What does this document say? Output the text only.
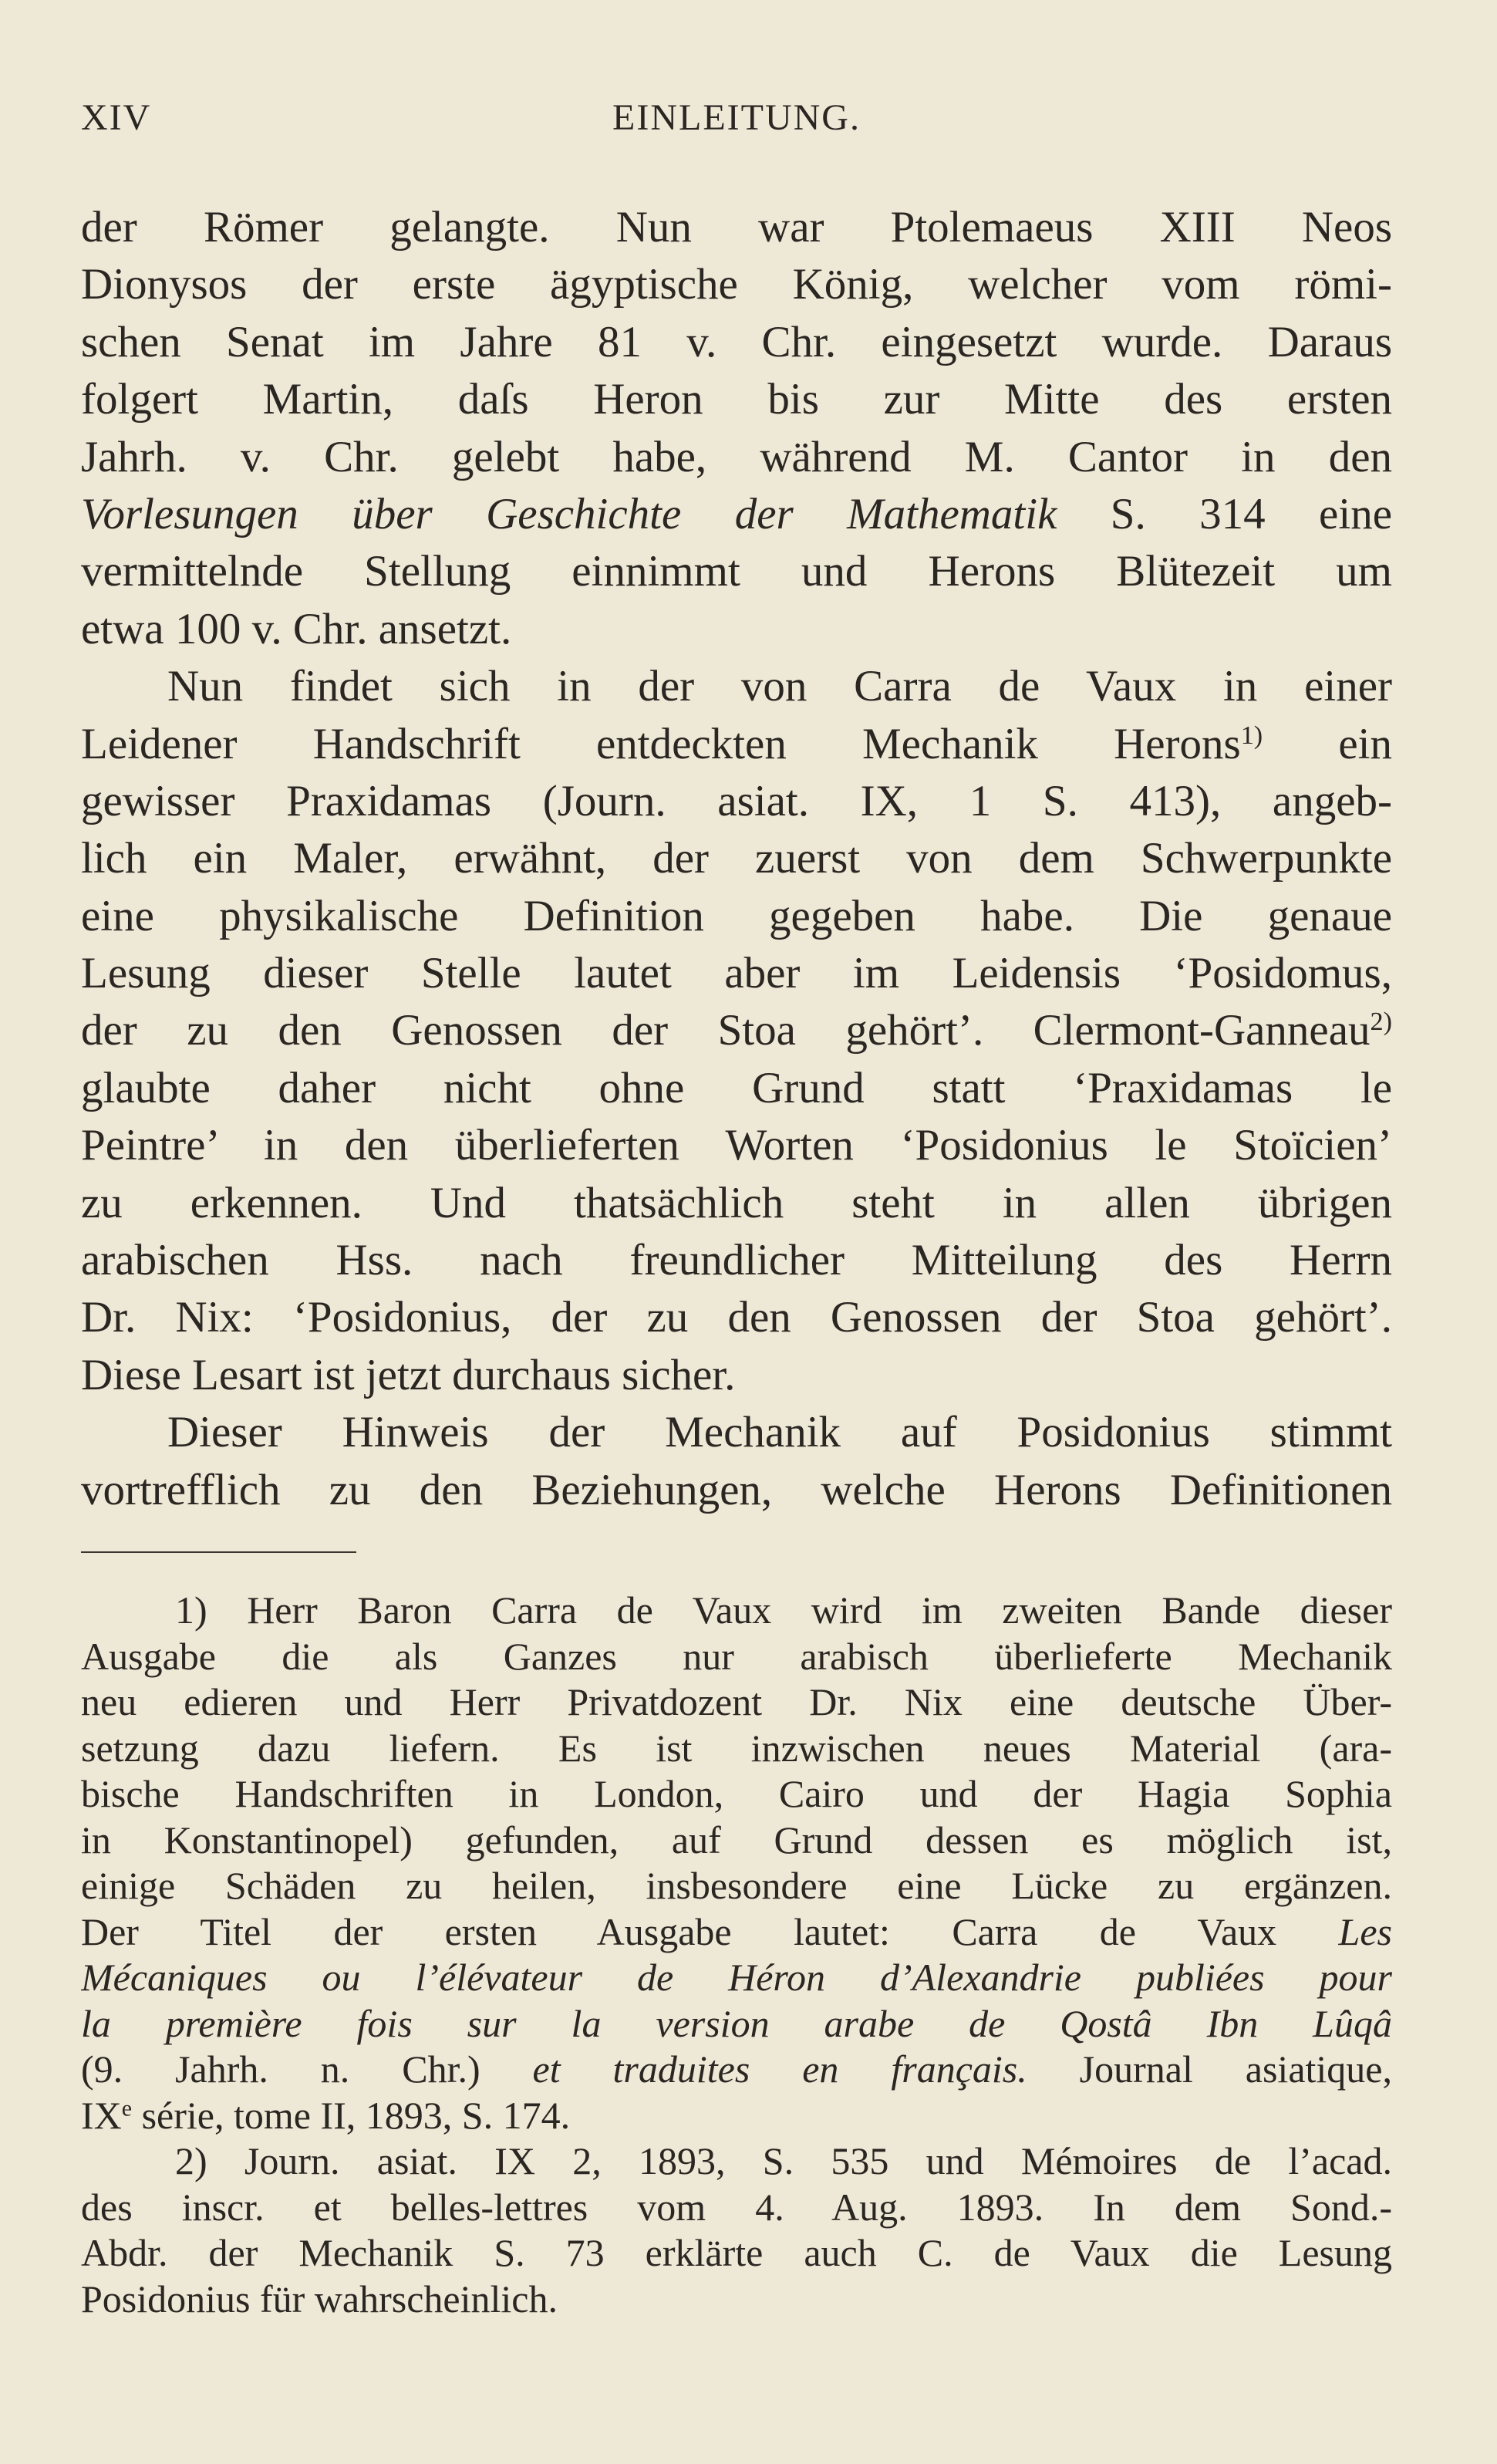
XIV	EINLEITUNG.
der Römer gelangte. Nun war Ptolemaeus XIII Neos
Dionysos der erste ägyptische König, welcher vom römi-
schen Senat im Jahre 81 v. Chr. eingesetzt wurde. Daraus
folgert Martin, daſs Heron bis zur Mitte des ersten
Jahrh. v. Chr. gelebt habe, während M. Cantor in den
Vorlesungen über Geschichte der Mathematik S. 314 eine
vermittelnde Stellung einnimmt und Herons Blütezeit um
etwa 100 v. Chr. ansetzt.
Nun findet sich in der von Carra de Vaux in einer
Leidener Handschrift entdeckten Mechanik Herons$^{1)}$ ein
gewisser Praxidamas (Journ. asiat. IX, 1 S. 413), angeb-
lich ein Maler, erwähnt, der zuerst von dem Schwerpunkte
eine physikalische Definition gegeben habe. Die genaue
Lesung dieser Stelle lautet aber im Leidensis ‘Posidomus,
der zu den Genossen der Stoa gehört’. Clermont-Ganneau$^{2)}$
glaubte daher nicht ohne Grund statt ‘Praxidamas le
Peintre’ in den überlieferten Worten ‘Posidonius le Stoïcien’
zu erkennen. Und thatsächlich steht in allen übrigen
arabischen Hss. nach freundlicher Mitteilung des Herrn
Dr. Nix: ‘Posidonius, der zu den Genossen der Stoa gehört’.
Diese Lesart ist jetzt durchaus sicher.
Dieser Hinweis der Mechanik auf Posidonius stimmt
vortrefflich zu den Beziehungen, welche Herons Definitionen
1) Herr Baron Carra de Vaux wird im zweiten Bande dieser
Ausgabe die als Ganzes nur arabisch überlieferte Mechanik
neu edieren und Herr Privatdozent Dr. Nix eine deutsche Über-
setzung dazu liefern. Es ist inzwischen neues Material (ara-
bische Handschriften in London, Cairo und der Hagia Sophia
in Konstantinopel) gefunden, auf Grund dessen es möglich ist,
einige Schäden zu heilen, insbesondere eine Lücke zu ergänzen.
Der Titel der ersten Ausgabe lautet: Carra de Vaux Les
Mécaniques ou l’élévateur de Héron d’Alexandrie publiées pour
la première fois sur la version arabe de Qostâ Ibn Lûqâ
(9. Jahrh. n. Chr.) et traduites en français. Journal asiatique,
IXe série, tome II, 1893, S. 174.
2) Journ. asiat. IX 2, 1893, S. 535 und Mémoires de l’acad.
des inscr. et belles-lettres vom 4. Aug. 1893. In dem Sond.-
Abdr. der Mechanik S. 73 erklärte auch C. de Vaux die Lesung
Posidonius für wahrscheinlich.
